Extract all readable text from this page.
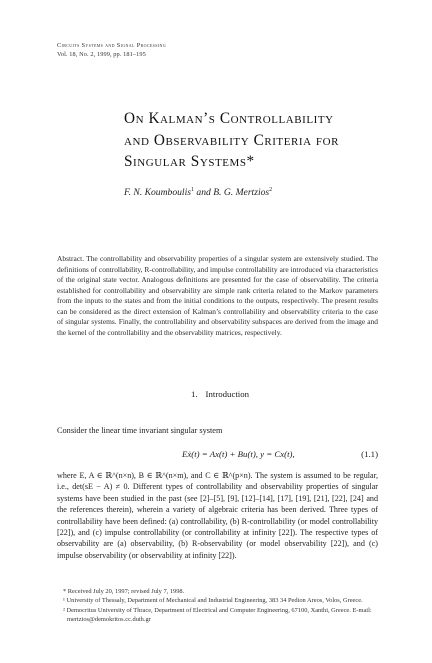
Circuits Systems and Signal Processing
Vol. 18, No. 2, 1999, pp. 181–195
On Kalman’s Controllability
and Observability Criteria for
Singular Systems*
F. N. Koumboulis$^1$ and B. G. Mertzios$^2$
Abstract. The controllability and observability properties of a singular system are extensively studied. The definitions of controllability, R-controllability, and impulse controllability are introduced via characteristics of the original state vector. Analogous definitions are presented for the case of observability. The criteria established for controllability and observability are simple rank criteria related to the Markov parameters from the inputs to the states and from the initial conditions to the outputs, respectively. The present results can be considered as the direct extension of Kalman’s controllability and observability criteria to the case of singular systems. Finally, the controllability and observability subspaces are derived from the image and the kernel of the controllability and the observability matrices, respectively.
1. Introduction
Consider the linear time invariant singular system
Eẋ(t) = Ax(t) + Bu(t), y = Cx(t),	(1.1)
where E, A ∈ ℝ^(n×n), B ∈ ℝ^(n×m), and C ∈ ℝ^(p×n). The system is assumed to be regular, i.e., det(sE − A) ≠ 0. Different types of controllability and observability properties of singular systems have been studied in the past (see [2]–[5], [9], [12]–[14], [17], [19], [21], [22], [24] and the references therein), wherein a variety of algebraic criteria has been derived. Three types of controllability have been defined: (a) controllability, (b) R-controllability (or model controllability [22]), and (c) impulse controllability (or controllability at infinity [22]). The respective types of observability are (a) observability, (b) R-observability (or model observability [22]), and (c) impulse observability (or observability at infinity [22]).
* Received July 20, 1997; revised July 7, 1998.
¹ University of Thessaly, Department of Mechanical and Industrial Engineering, 383 34 Pedion Areos, Volos, Greece.
² Democritus University of Thrace, Department of Electrical and Computer Engineering, 67100, Xanthi, Greece. E-mail: mertzios@demokritos.cc.duth.gr
